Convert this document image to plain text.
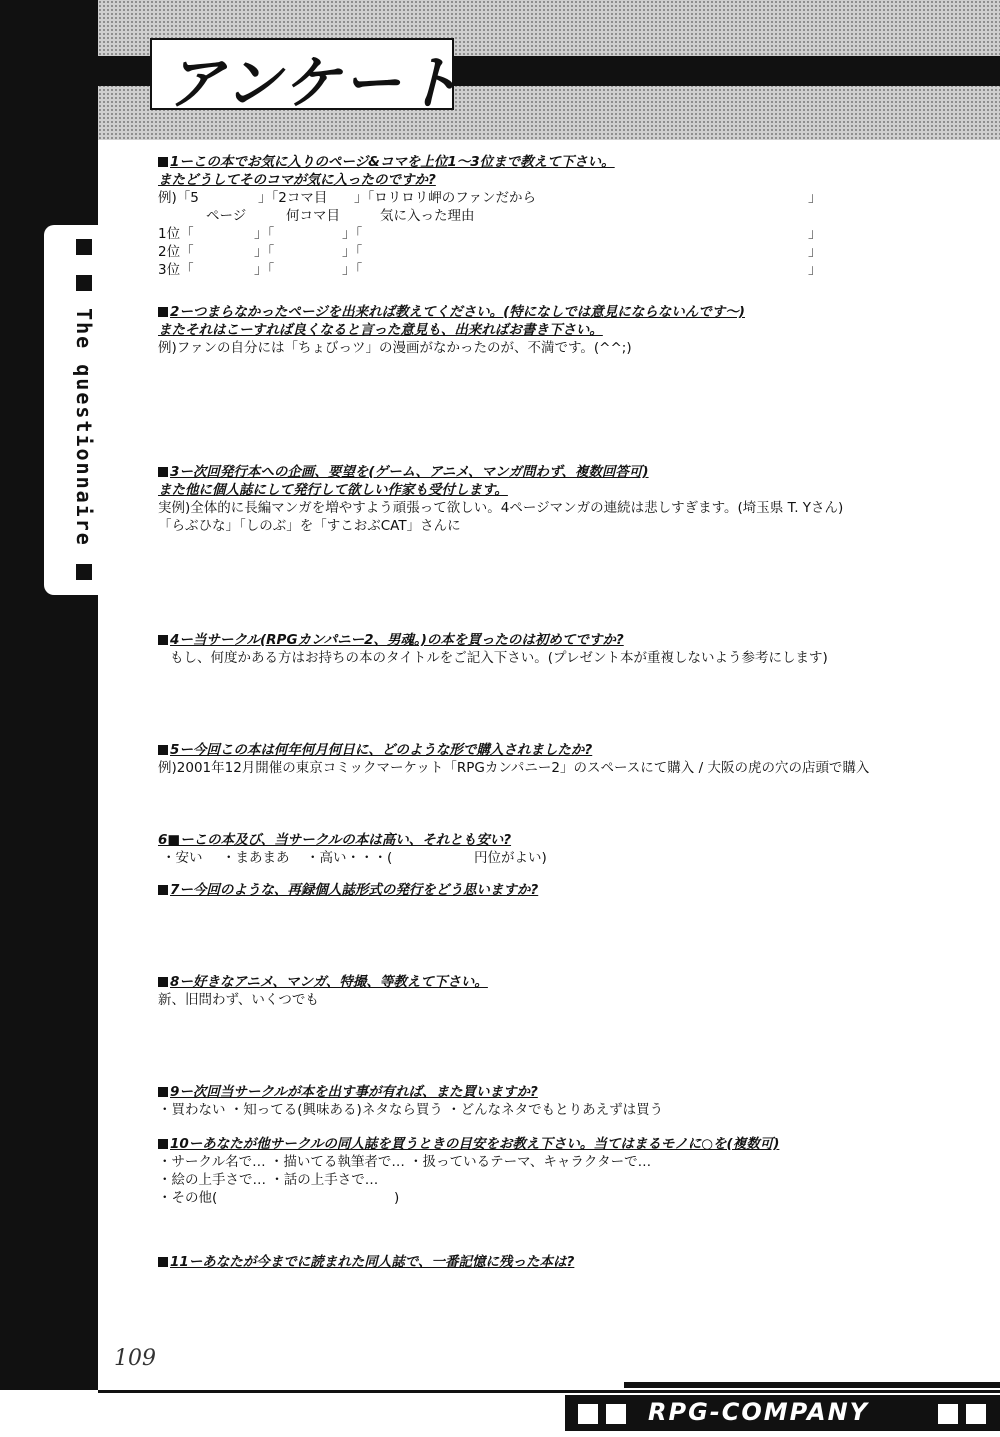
The questionnaire
アンケート

1ーこの本でお気に入りのページ&コマを上位1～3位まで教えて下さい。

またどうしてそのコマが気に入ったのですか?

例)「5	」「2コマ目 」「ロリロリ岬のファンだから	」
ページ	何コマ目	気に入った理由
1位「	」「	」「	」
2位「	」「	」「	」
3位「	」「	」「	」

2ーつまらなかったページを出来れば教えてください。(特になしでは意見にならないんです～)

またそれはこーすれば良くなると言った意見も、出来ればお書き下さい。

例)ファンの自分には「ちょびっツ」の漫画がなかったのが、不満です。(^^;)

3ー次回発行本への企画、要望を(ゲーム、アニメ、マンガ問わず、複数回答可)

また他に個人誌にして発行して欲しい作家も受付します。

実例)全体的に長編マンガを増やすよう頑張って欲しい。4ページマンガの連続は悲しすぎます。(埼玉県 T. Yさん)

「らぶひな」「しのぶ」を「すこおぶCAT」さんに

4ー当サークル(RPGカンパニー2、男魂。)の本を買ったのは初めてですか?

もし、何度かある方はお持ちの本のタイトルをご記入下さい。(プレゼント本が重複しないよう参考にします)

5ー今回この本は何年何月何日に、どのような形で購入されましたか?

例)2001年12月開催の東京コミックマーケット「RPGカンパニー2」のスペースにて購入 / 大阪の虎の穴の店頭で購入

6■ーこの本及び、当サークルの本は高い、それとも安い?

・安い ・まあまあ ・高い・・・(	円位がよい)

7ー今回のような、再録個人誌形式の発行をどう思いますか?

8ー好きなアニメ、マンガ、特撮、等教えて下さい。

新、旧問わず、いくつでも

9ー次回当サークルが本を出す事が有れば、また買いますか?

・買わない ・知ってる(興味ある)ネタなら買う ・どんなネタでもとりあえずは買う

10ーあなたが他サークルの同人誌を買うときの目安をお教え下さい。当てはまるモノに○を(複数可)

・サークル名で… ・描いてる執筆者で… ・扱っているテーマ、キャラクターで…

・絵の上手さで… ・話の上手さで…

・その他(	)

11ーあなたが今までに読まれた同人誌で、一番記憶に残った本は?

109
RPG-COMPANY
